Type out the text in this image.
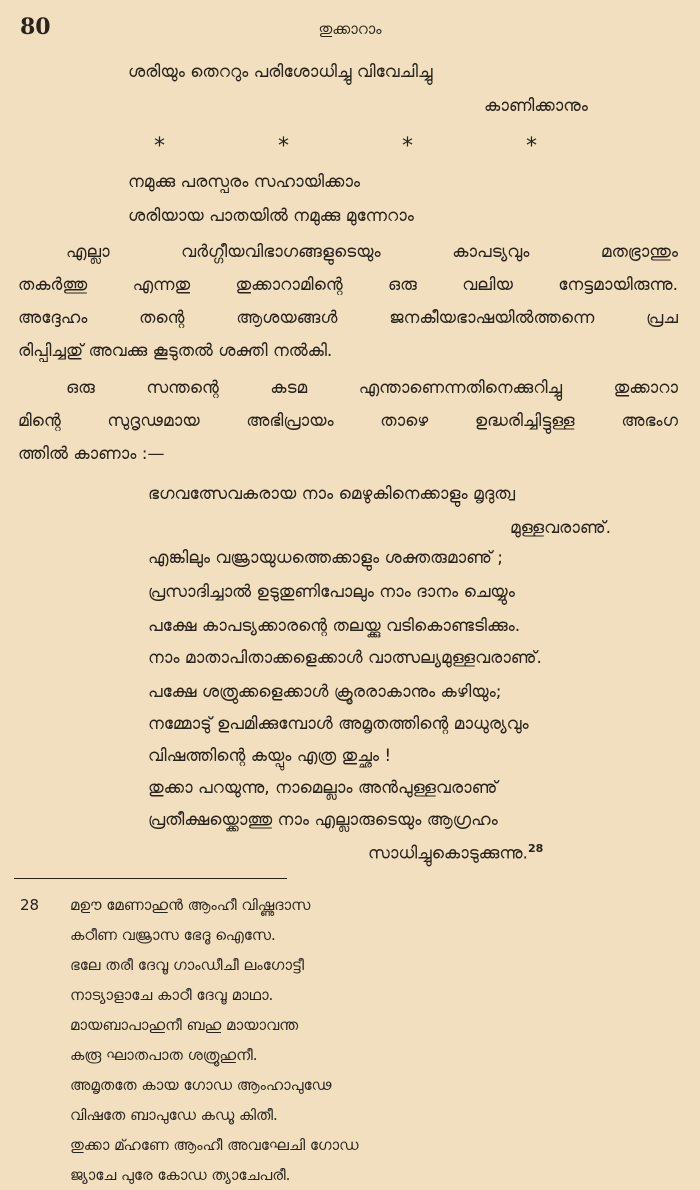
80	തുക്കാറാം
ശരിയും തെററും പരിശോധിച്ചു വിവേചിച്ചു
കാണിക്കാനും
*	*	*	*
നമുക്കു പരസ്പരം സഹായിക്കാം
ശരിയായ പാതയിൽ നമുക്കു മുന്നേറാം
എല്ലാ വർഗ്ഗീയവിഭാഗങ്ങളുടെയും കാപട്യവും മതഭ്രാന്തും
തകർത്തു എന്നതു തുക്കാറാമിന്റെ ഒരു വലിയ നേട്ടമായിരുന്നു.
അദ്ദേഹം തന്റെ ആശയങ്ങൾ ജനകീയഭാഷയിൽത്തന്നെ പ്രച
രിപ്പിച്ചതു് അവക്കു കൂടുതൽ ശക്തി നൽകി.
ഒരു സന്തന്റെ കടമ എന്താണെന്നതിനെക്കുറിച്ചു തുക്കാറാ
മിന്റെ സുദൃഢമായ അഭിപ്രായം താഴെ ഉദ്ധരിച്ചിട്ടുള്ള അഭംഗ
ത്തിൽ കാണാം :—
ഭഗവത്സേവകരായ നാം മെഴുകിനെക്കാളും മൃദുത്വ
മുള്ളവരാണു്.
എങ്കിലും വജ്രായുധത്തെക്കാളും ശക്തരുമാണു് ;
പ്രസാദിച്ചാൽ ഉടുതുണിപോലും നാം ദാനം ചെയ്യും
പക്ഷേ കാപട്യക്കാരന്റെ തലയ്ക്കു വടികൊണ്ടടിക്കും.
നാം മാതാപിതാക്കളെക്കാൾ വാത്സല്യമുള്ളവരാണു്.
പക്ഷേ ശത്രുക്കളെക്കാൾ ക്രൂരരാകാനും കഴിയും;
നമ്മോടു് ഉപമിക്കുമ്പോൾ അമൃതത്തിന്റെ മാധുര്യവും
വിഷത്തിന്റെ കയ്പും എത്ര തുച്ഛം !
തുക്കാ പറയുന്നു, നാമെല്ലാം അൻപുള്ളവരാണു്
പ്രതീക്ഷയ്ക്കൊത്തു നാം എല്ലാരുടെയും ആഗ്രഹം
സാധിച്ചുകൊടുക്കുന്നു.$^{28}$
28 മഊ മേണാഹുൻ ആംഹീ വിഷ്ണുദാസ
കഠീണ വജ്രാസ ഭേദൂ ഐസേ.
ഭലേ തരീ ദേവൂ ഗാംഡീചീ ലംഗോട്ടീ
നാട്യാളാചേ കാഠീ ദേവൂ മാഥാ.
മായബാപാഹുനീ ബഹു മായാവന്ത
കരൂ ഘാതപാത ശത്രൂഹുനീ.
അമൃതതേ കായ ഗോഡ ആംഹാപുഢേ
വിഷതേ ബാപുഡേ കഡൂ കിതീ.
തുക്കാ മ്ഹണേ ആംഹീ അവഘേചി ഗോഡ
ജ്യാചേ പുരേ കോഡ ത്യാചേപരീ.
